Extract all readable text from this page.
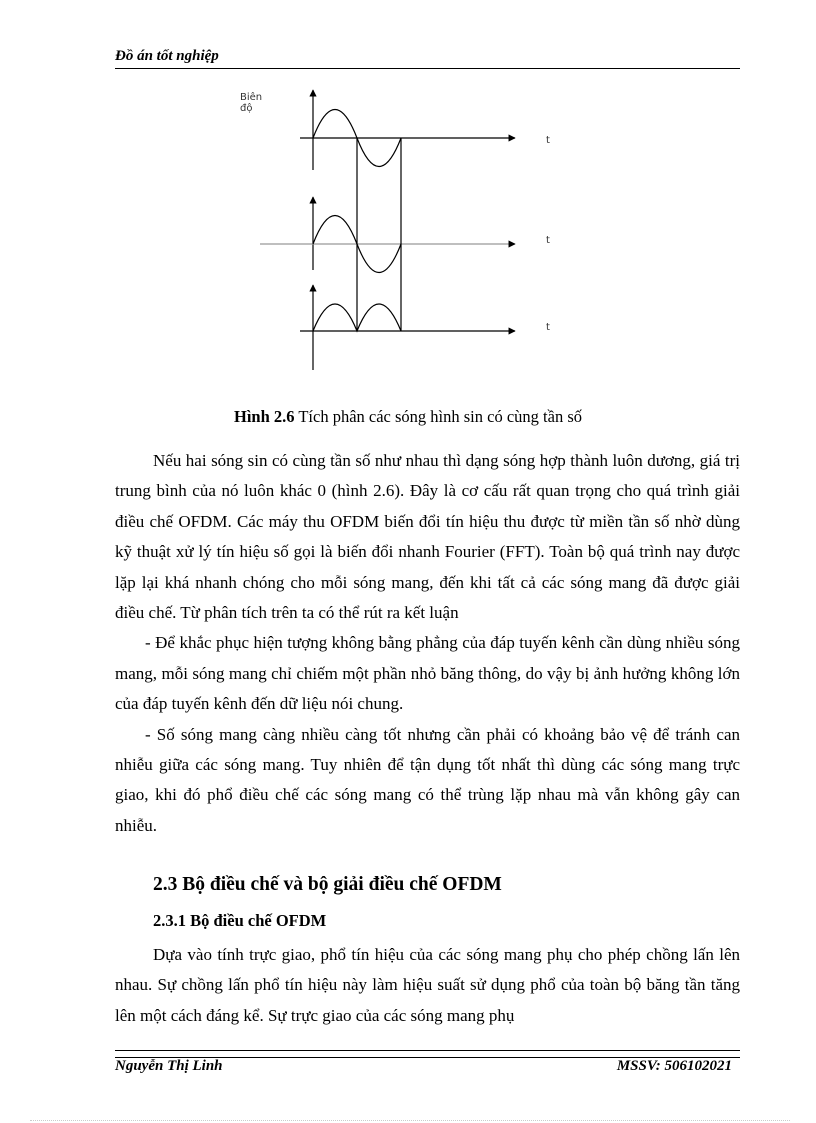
Đồ án tốt nghiệp
Biên
độ
t
t
t
Hình 2.6 Tích phân các sóng hình sin có cùng tần số

Nếu hai sóng sin có cùng tần số như nhau thì dạng sóng hợp thành luôn dương, giá trị trung bình của nó luôn khác 0 (hình 2.6). Đây là cơ cấu rất quan trọng cho quá trình giải điều chế OFDM. Các máy thu OFDM biến đổi tín hiệu thu được từ miền tần số nhờ dùng kỹ thuật xử lý tín hiệu số gọi là biến đổi nhanh Fourier (FFT). Toàn bộ quá trình nay được lặp lại khá nhanh chóng cho mỗi sóng mang, đến khi tất cả các sóng mang đã được giải điều chế. Từ phân tích trên ta có thể rút ra kết luận

- Để khắc phục hiện tượng không bằng phẳng của đáp tuyến kênh cần dùng nhiều sóng mang, mỗi sóng mang chỉ chiếm một phần nhỏ băng thông, do vậy bị ảnh hưởng không lớn của đáp tuyến kênh đến dữ liệu nói chung.

- Số sóng mang càng nhiều càng tốt nhưng cần phải có khoảng bảo vệ để tránh can nhiễu giữa các sóng mang. Tuy nhiên để tận dụng tốt nhất thì dùng các sóng mang trực giao, khi đó phổ điều chế các sóng mang có thể trùng lặp nhau mà vẫn không gây can nhiễu.

2.3 Bộ điều chế và bộ giải điều chế OFDM
2.3.1 Bộ điều chế OFDM

Dựa vào tính trực giao, phổ tín hiệu của các sóng mang phụ cho phép chồng lấn lên nhau. Sự chồng lấn phổ tín hiệu này làm hiệu suất sử dụng phổ của toàn bộ băng tần tăng lên một cách đáng kể. Sự trực giao của các sóng mang phụ

Nguyễn Thị Linh	MSSV: 506102021
